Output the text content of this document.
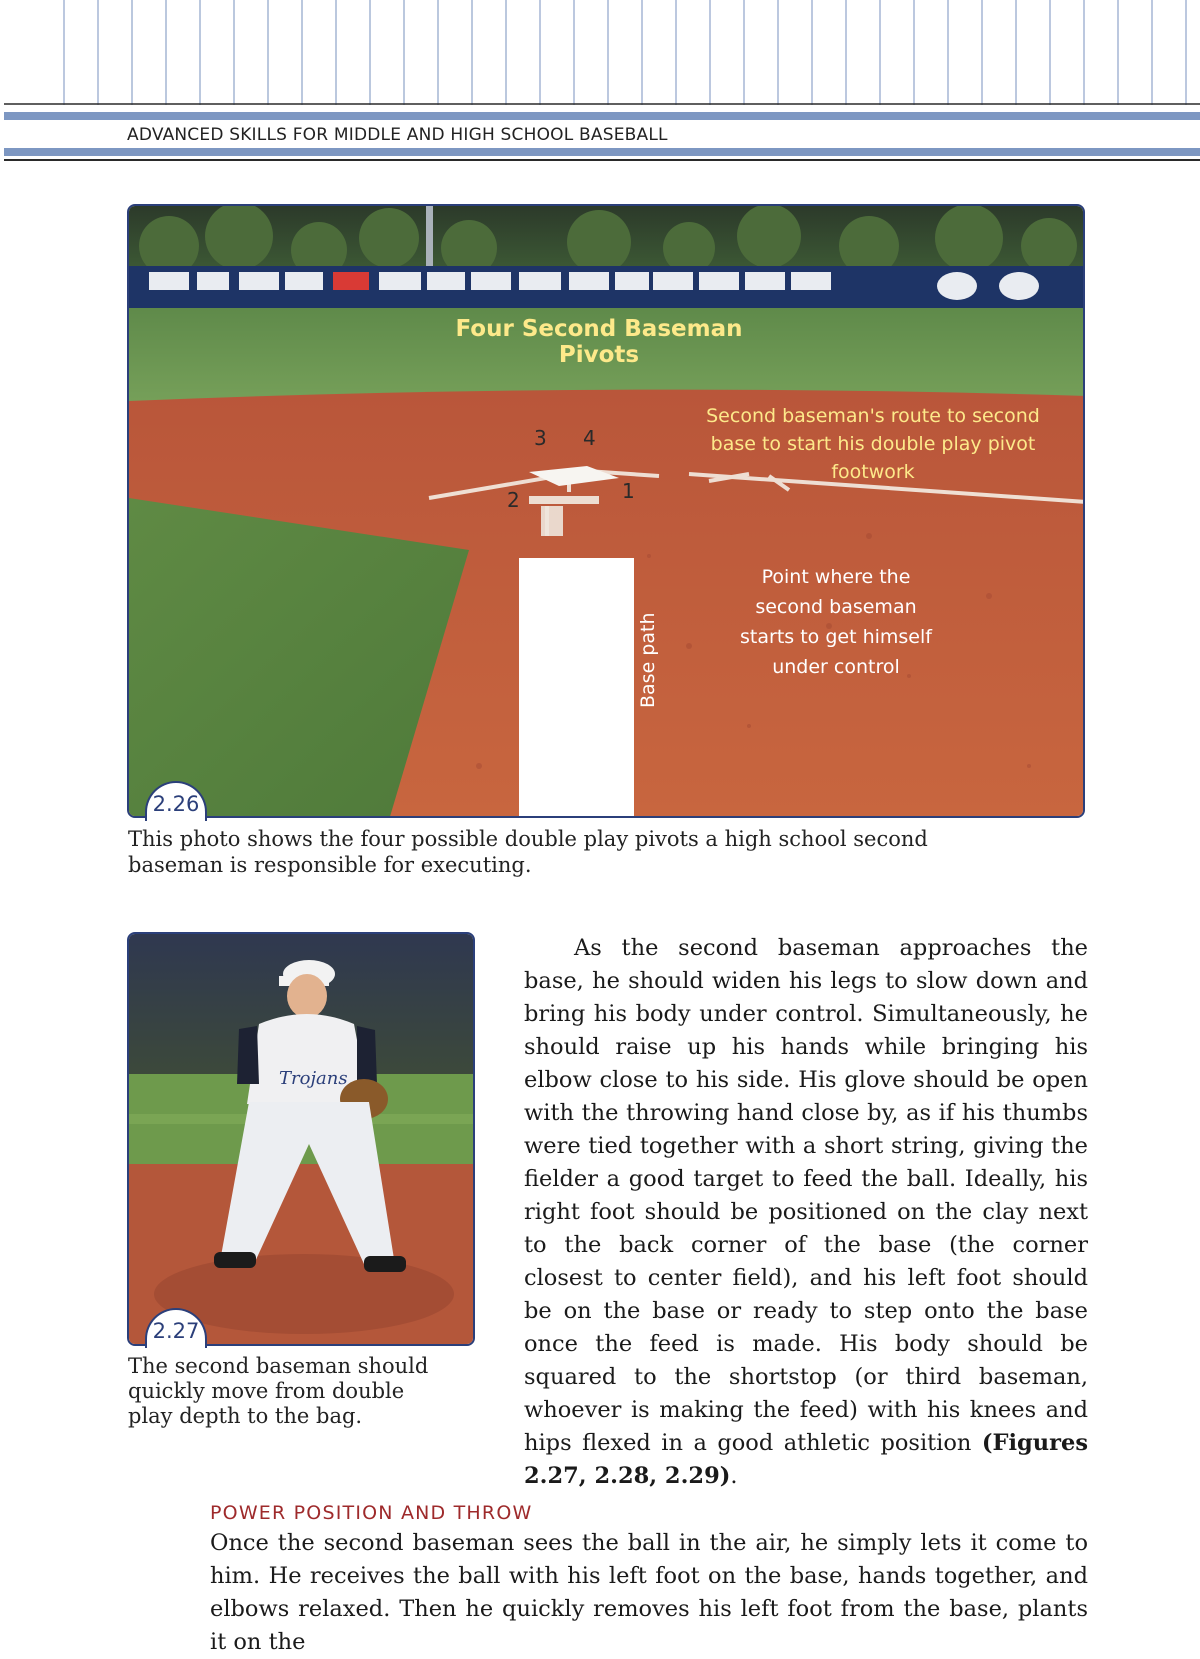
ADVANCED SKILLS FOR MIDDLE AND HIGH SCHOOL BASEBALL
Base path
Four Second Baseman Pivots
Second baseman's route to second base to start his double play pivot footwork
Point where the second baseman starts to get himself under control
1
2
3 4
2.26
This photo shows the four possible double play pivots a high school second baseman is responsible for executing.
Trojans
2.27
The second baseman should quickly move from double play depth to the bag.
As the second baseman approaches the base, he should widen his legs to slow down and bring his body under control. Simultaneously, he should raise up his hands while bringing his elbow close to his side. His glove should be open with the throwing hand close by, as if his thumbs were tied together with a short string, giving the fielder a good target to feed the ball. Ideally, his right foot should be positioned on the clay next to the back corner of the base (the corner closest to center field), and his left foot should be on the base or ready to step onto the base once the feed is made. His body should be squared to the shortstop (or third baseman, whoever is making the feed) with his knees and hips flexed in a good athletic position (Figures 2.27, 2.28, 2.29).
POWER POSITION AND THROW
Once the second baseman sees the ball in the air, he simply lets it come to him. He receives the ball with his left foot on the base, hands together, and elbows relaxed. Then he quickly removes his left foot from the base, plants it on the
